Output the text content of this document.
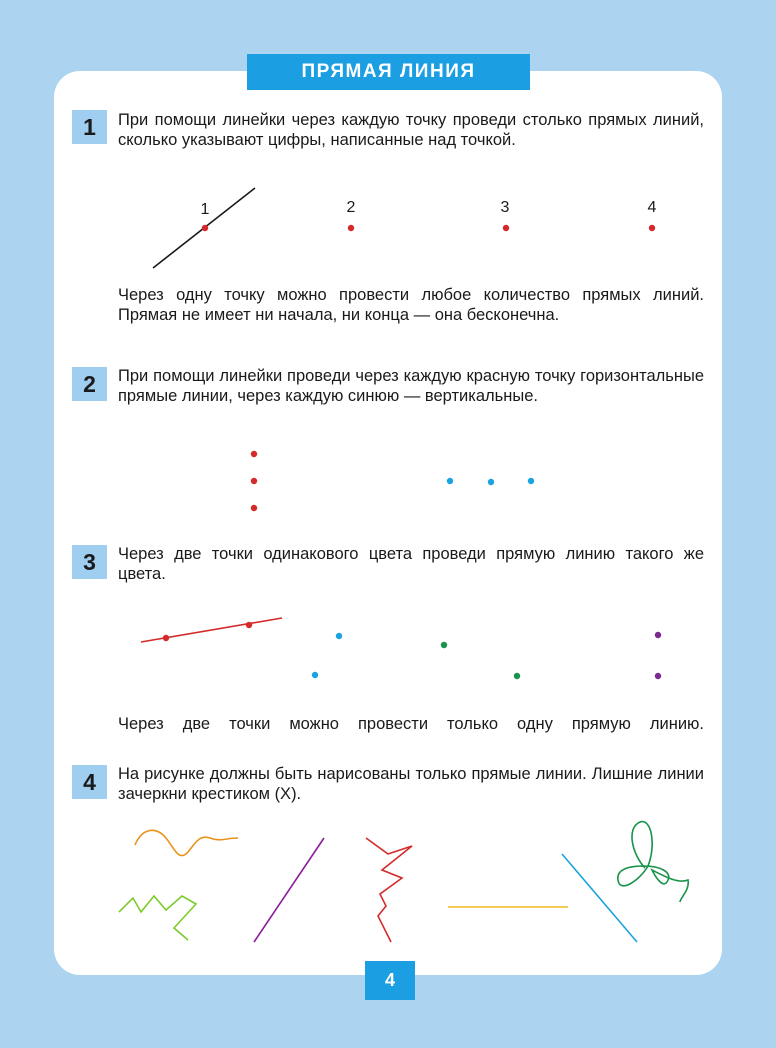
ПРЯМАЯ ЛИНИЯ
1	При помощи линейки через каждую точку проведи столько прямых линий, сколько указывают цифры, написанные над точкой.
1	2	3	4
Через одну точку можно провести любое количество прямых линий. Прямая не имеет ни начала, ни конца — она бесконечна.
2	При помощи линейки проведи через каждую красную точку горизонтальные прямые линии, через каждую синюю — вертикальные.
3	Через две точки одинакового цвета проведи прямую линию такого же цвета.
Через две точки можно провести только одну прямую линию.
4	На рисунке должны быть нарисованы только прямые линии. Лишние линии зачеркни крестиком (X).
4
